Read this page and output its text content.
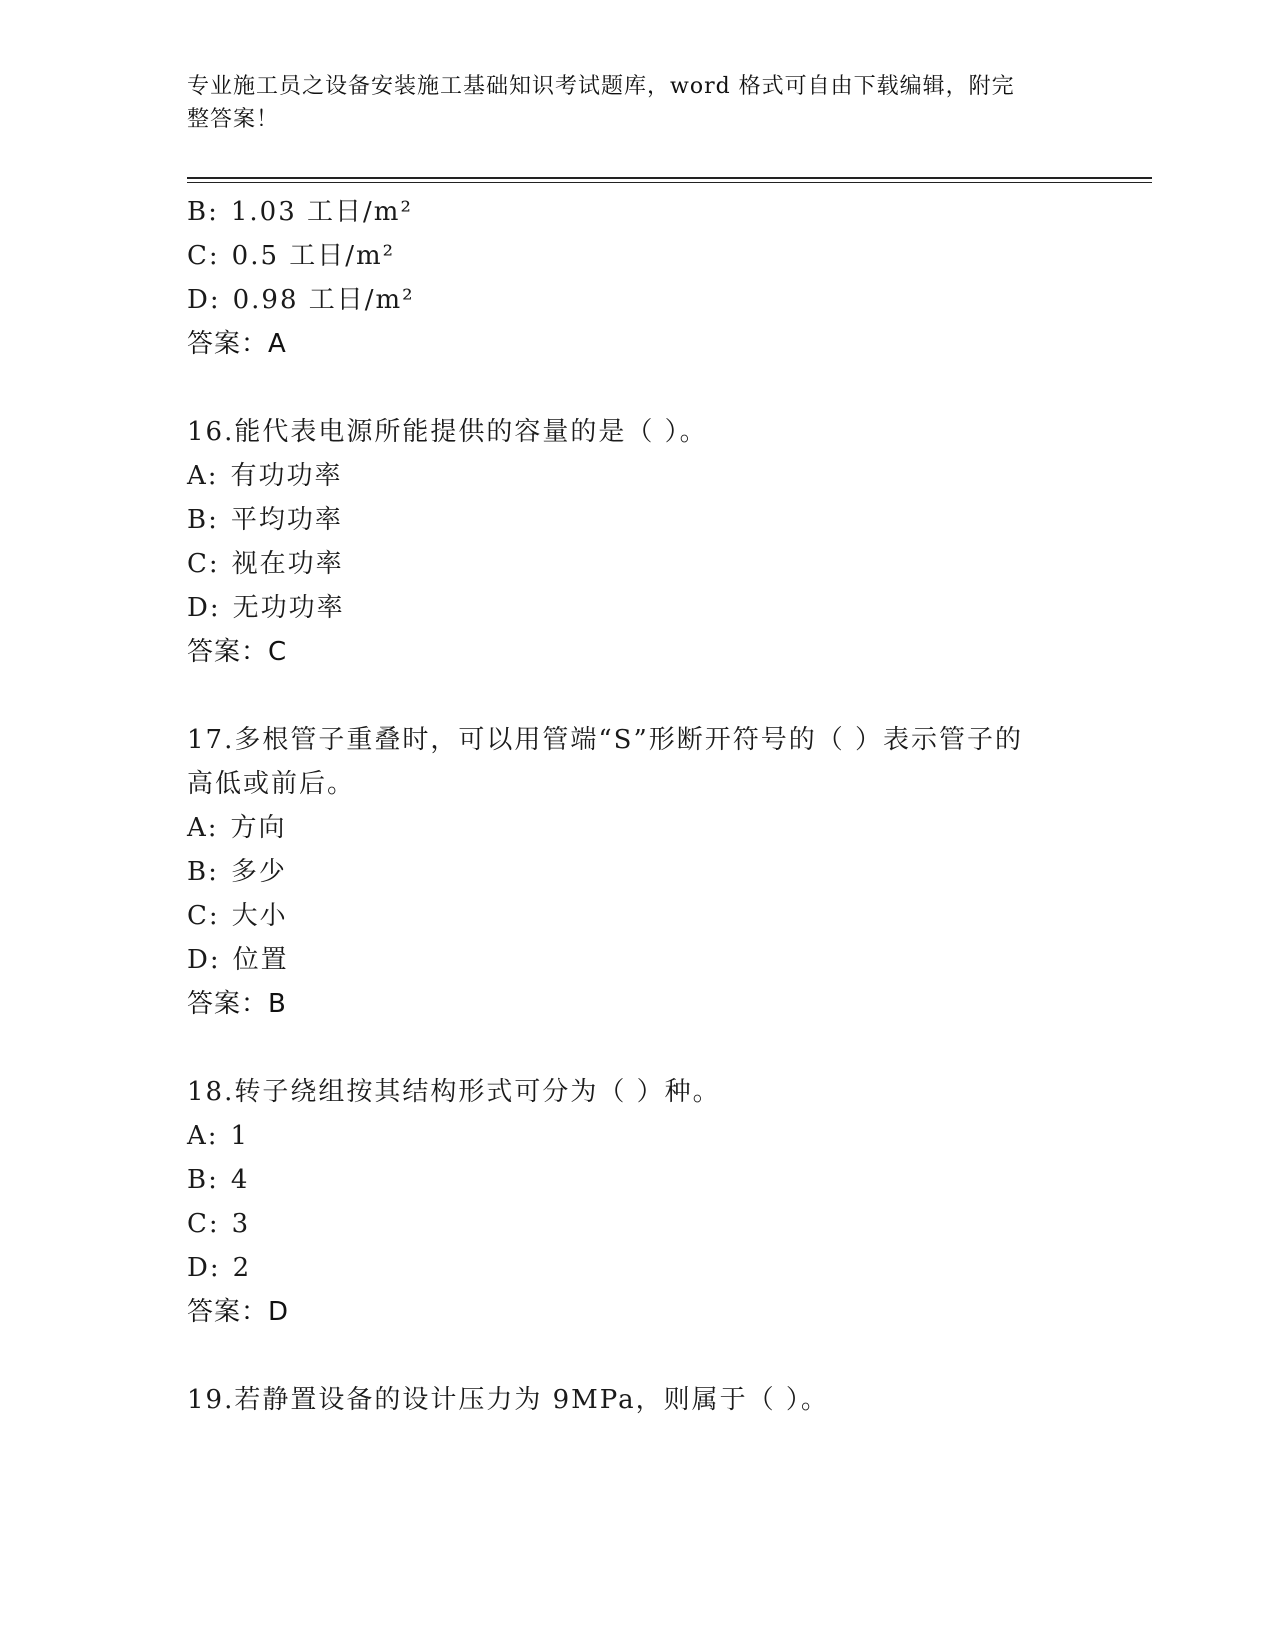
专业施工员之设备安装施工基础知识考试题库，word 格式可自由下载编辑，附完
整答案！
B: 1.03 工日/m²
C: 0.5 工日/m²
D: 0.98 工日/m²
答案：A
16.能代表电源所能提供的容量的是（ ）。
A: 有功功率
B: 平均功率
C: 视在功率
D: 无功功率
答案：C
17.多根管子重叠时，可以用管端“S”形断开符号的（ ）表示管子的
高低或前后。
A: 方向
B: 多少
C: 大小
D: 位置
答案：B
18.转子绕组按其结构形式可分为（ ）种。
A: 1
B: 4
C: 3
D: 2
答案：D
19.若静置设备的设计压力为 9MPa，则属于（ ）。
